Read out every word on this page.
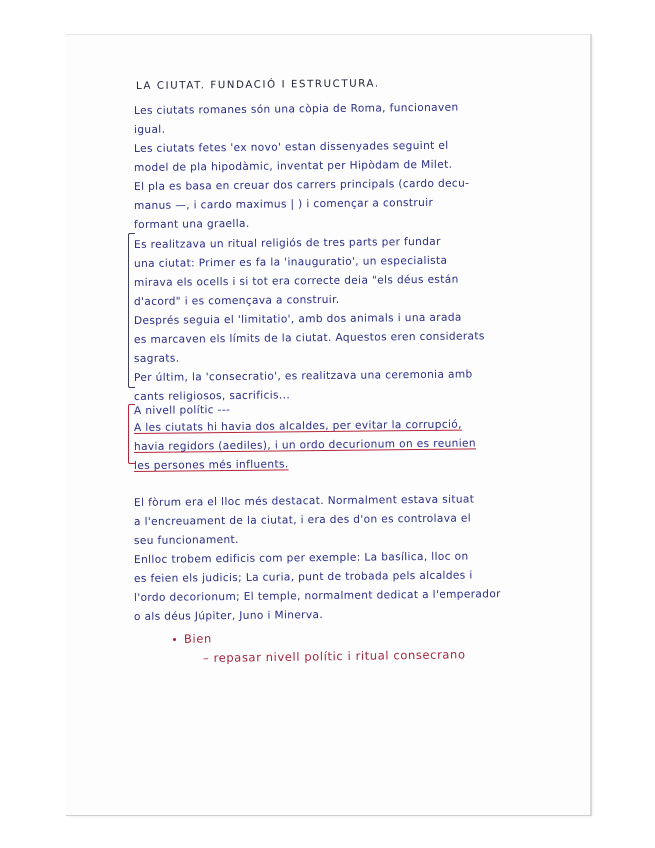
LA CIUTAT. FUNDACIÓ I ESTRUCTURA.

Les ciutats romanes són una còpia de Roma, funcionaven

igual.

Les ciutats fetes 'ex novo' estan dissenyades seguint el

model de pla hipodàmic, inventat per Hipòdam de Milet.

El pla es basa en creuar dos carrers principals (cardo decu-

manus —, i cardo maximus | ) i començar a construir

formant una graella.

Es realitzava un ritual religiós de tres parts per fundar

una ciutat: Primer es fa la 'inauguratio', un especialista

mirava els ocells i si tot era correcte deia "els déus están

d'acord" i es començava a construir.

Després seguia el 'limitatio', amb dos animals i una arada

es marcaven els límits de la ciutat. Aquestos eren considerats

sagrats.

Per últim, la 'consecratio', es realitzava una ceremonia amb

cants religiosos, sacrificis...

A nivell polític ---

A les ciutats hi havia dos alcaldes, per evitar la corrupció,

havia regidors (aediles), i un ordo decurionum on es reunien

les persones més influents.

El fòrum era el lloc més destacat. Normalment estava situat

a l'encreuament de la ciutat, i era des d'on es controlava el

seu funcionament.

Enlloc trobem edificis com per exemple: La basílica, lloc on

es feien els judicis; La curia, punt de trobada pels alcaldes i

l'ordo decorionum; El temple, normalment dedicat a l'emperador

o als déus Júpiter, Juno i Minerva.

Bien

– repasar nivell polític i ritual consecrano
